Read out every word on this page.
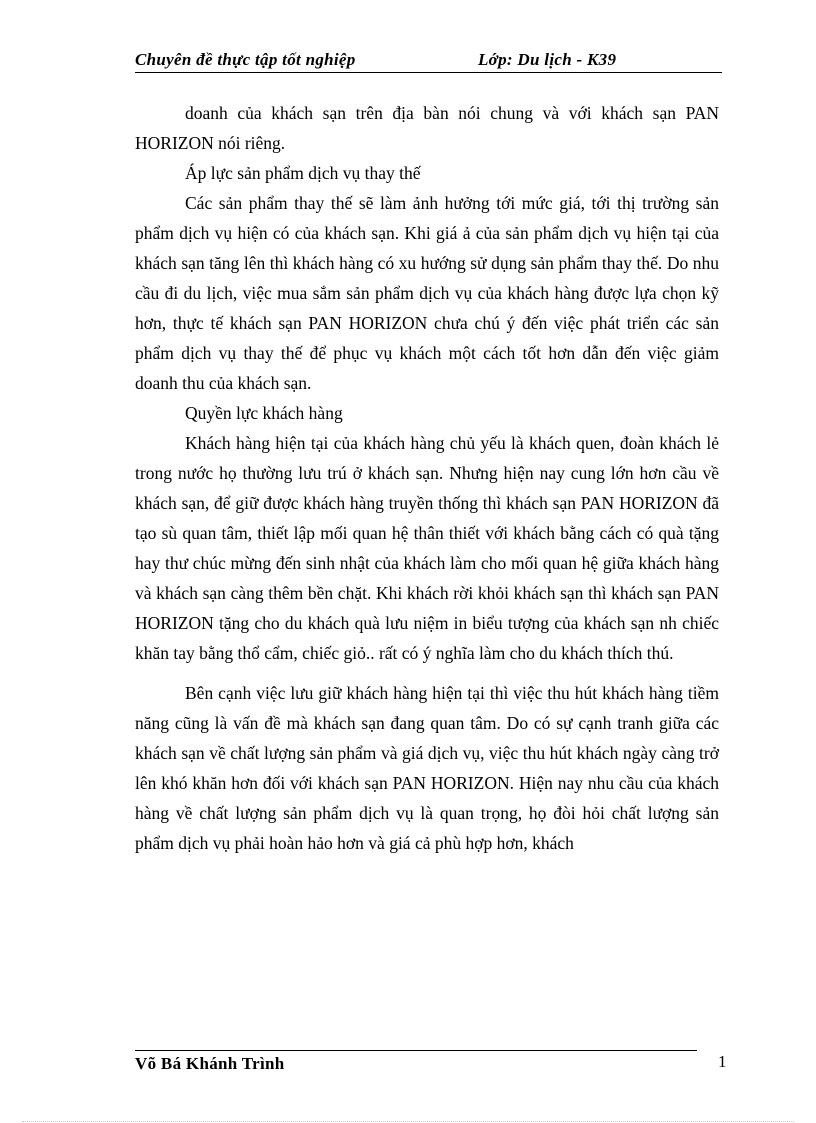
Chuyên đề thực tập tốt nghiệp	Lớp: Du lịch - K39

doanh của khách sạn trên địa bàn nói chung và với khách sạn PAN HORIZON nói riêng.

Áp lực sản phẩm dịch vụ thay thế

Các sản phẩm thay thế sẽ làm ảnh hưởng tới mức giá, tới thị trường sản phẩm dịch vụ hiện có của khách sạn. Khi giá ả của sản phẩm dịch vụ hiện tại của khách sạn tăng lên thì khách hàng có xu hướng sử dụng sản phẩm thay thế. Do nhu cầu đi du lịch, việc mua sắm sản phẩm dịch vụ của khách hàng được lựa chọn kỹ hơn, thực tế khách sạn PAN HORIZON chưa chú ý đến việc phát triển các sản phẩm dịch vụ thay thế để phục vụ khách một cách tốt hơn dẫn đến việc giảm doanh thu của khách sạn.

Quyền lực khách hàng

Khách hàng hiện tại của khách hàng chủ yếu là khách quen, đoàn khách lẻ trong nước họ thường lưu trú ở khách sạn. Nhưng hiện nay cung lớn hơn cầu về khách sạn, để giữ được khách hàng truyền thống thì khách sạn PAN HORIZON đã tạo sù quan tâm, thiết lập mối quan hệ thân thiết với khách bằng cách có quà tặng hay thư chúc mừng đến sinh nhật của khách làm cho mối quan hệ giữa khách hàng và khách sạn càng thêm bền chặt. Khi khách rời khỏi khách sạn thì khách sạn PAN HORIZON tặng cho du khách quà lưu niệm in biểu tượng của khách sạn nh chiếc khăn tay bằng thổ cẩm, chiếc giỏ.. rất có ý nghĩa làm cho du khách thích thú.

Bên cạnh việc lưu giữ khách hàng hiện tại thì việc thu hút khách hàng tiềm năng cũng là vấn đề mà khách sạn đang quan tâm. Do có sự cạnh tranh giữa các khách sạn về chất lượng sản phẩm và giá dịch vụ, việc thu hút khách ngày càng trở lên khó khăn hơn đối với khách sạn PAN HORIZON. Hiện nay nhu cầu của khách hàng về chất lượng sản phẩm dịch vụ là quan trọng, họ đòi hỏi chất lượng sản phẩm dịch vụ phải hoàn hảo hơn và giá cả phù hợp hơn, khách

Võ Bá Khánh Trình	1
